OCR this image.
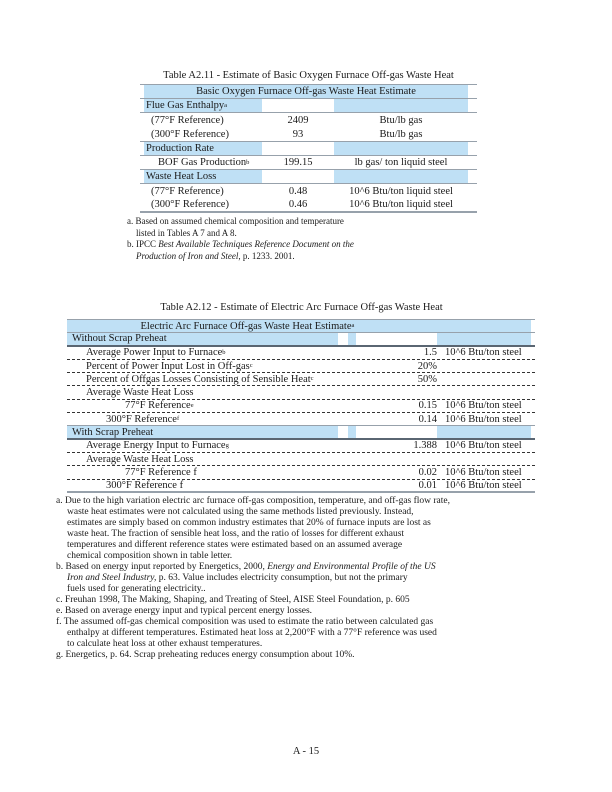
Table A2.11 - Estimate of Basic Oxygen Furnace Off-gas Waste Heat
Basic Oxygen Furnace Off-gas Waste Heat Estimate
Flue Gas Enthalpy a
(77°F Reference)	2409	Btu/lb gas
(300°F Reference)	93	Btu/lb gas
Production Rate
BOF Gas Production b	199.15	lb gas/ ton liquid steel
Waste Heat Loss
(77°F Reference)	0.48	10^6 Btu/ton liquid steel
(300°F Reference)	0.46	10^6 Btu/ton liquid steel
a. Based on assumed chemical composition and temperature
listed in Tables A 7 and A 8.
b. IPCC Best Available Techniques Reference Document on the
Production of Iron and Steel, p. 1233. 2001.
Table A2.12 - Estimate of Electric Arc Furnace Off-gas Waste Heat
Electric Arc Furnace Off-gas Waste Heat Estimate a
Without Scrap Preheat
Average Power Input to Furnace b	1.5 10^6 Btu/ton steel
Percent of Power Input Lost in Off-gas c	20%
Percent of Offgas Losses Consisting of Sensible Heat c	50%
Average Waste Heat Loss
77°F Reference e	0.15 10^6 Btu/ton steel
300°F Reference f	0.14 10^6 Btu/ton steel
With Scrap Preheat
Average Energy Input to Furnace g	1.388 10^6 Btu/ton steel
Average Waste Heat Loss
77°F Reference f	0.02 10^6 Btu/ton steel
300°F Reference f	0.01 10^6 Btu/ton steel
a. Due to the high variation electric arc furnace off-gas composition, temperature, and off-gas flow rate,
waste heat estimates were not calculated using the same methods listed previously. Instead,
estimates are simply based on common industry estimates that 20% of furnace inputs are lost as
waste heat. The fraction of sensible heat loss, and the ratio of losses for different exhaust
temperatures and different reference states were estimated based on an assumed average
chemical composition shown in table letter.
b. Based on energy input reported by Energetics, 2000, Energy and Environmental Profile of the US
Iron and Steel Industry, p. 63. Value includes electricity consumption, but not the primary
fuels used for generating electricity..
c. Freuhan 1998, The Making, Shaping, and Treating of Steel, AISE Steel Foundation, p. 605
e. Based on average energy input and typical percent energy losses.
f. The assumed off-gas chemical composition was used to estimate the ratio between calculated gas
enthalpy at different temperatures. Estimated heat loss at 2,200°F with a 77°F reference was used
to calculate heat loss at other exhaust temperatures.
g. Energetics, p. 64. Scrap preheating reduces energy consumption about 10%.
A - 15
